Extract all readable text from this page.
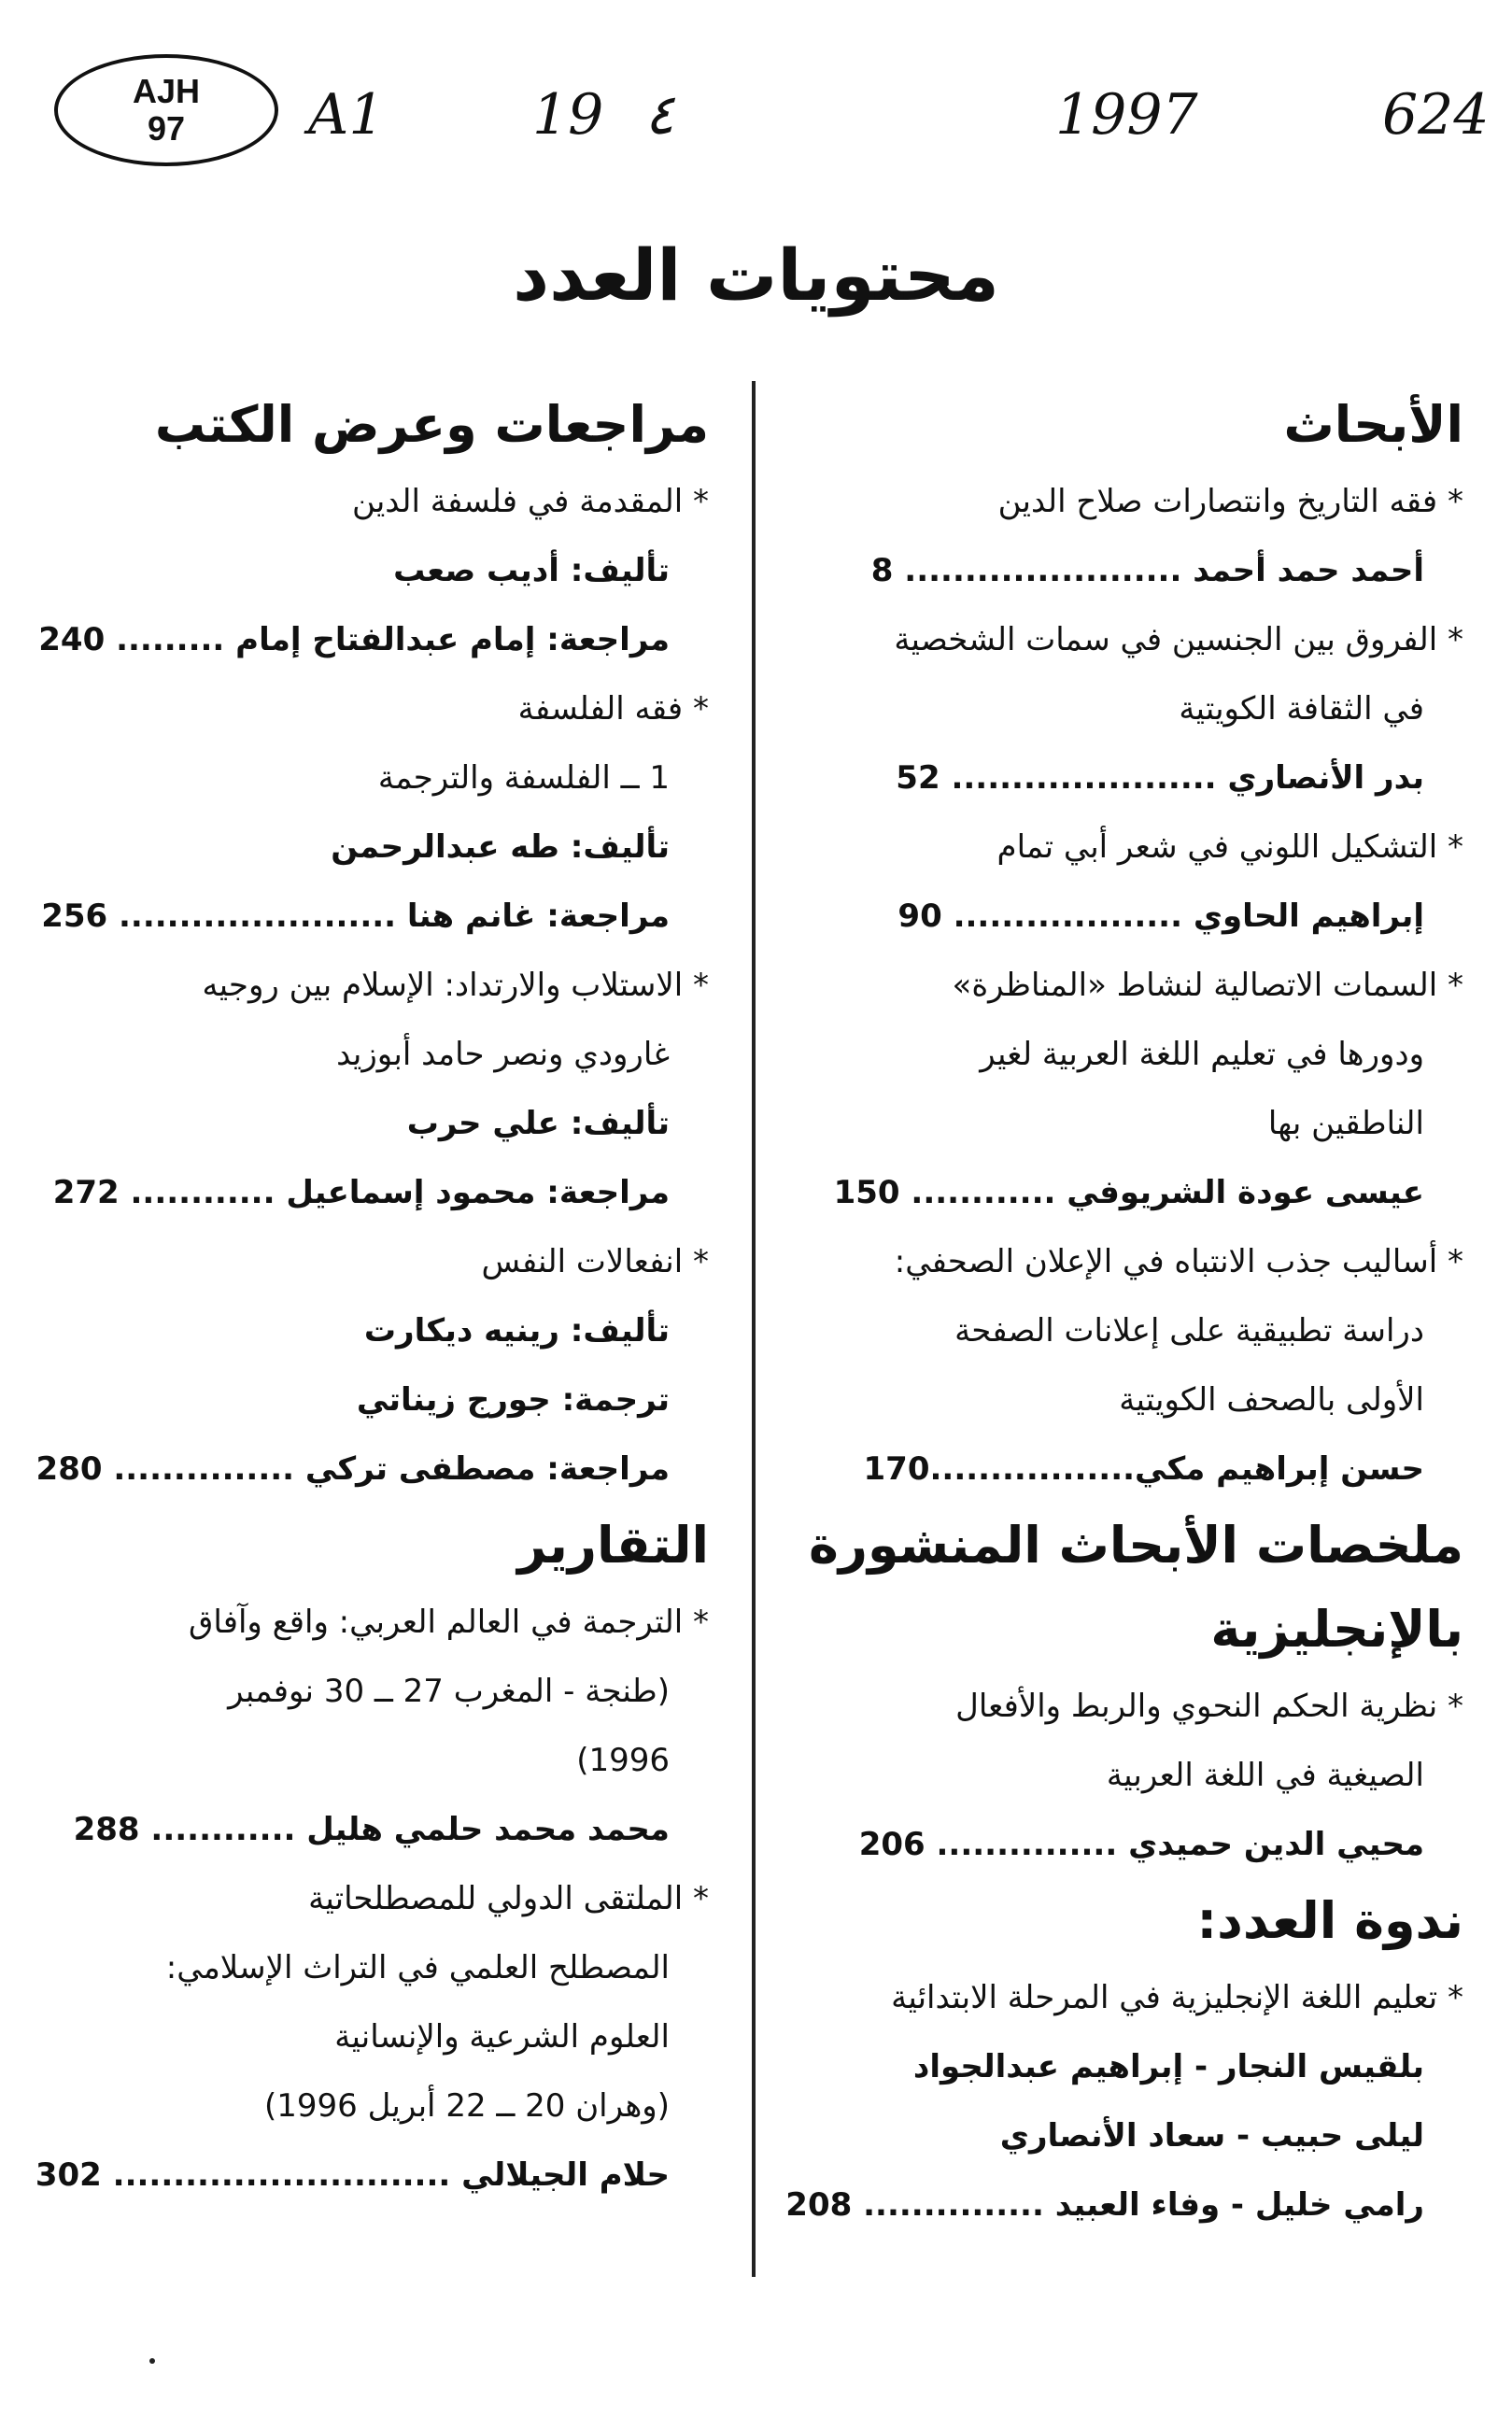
AJH
97	A1	19 ٤	1997	624
محتويات العدد
الأبحاث
* فقه التاريخ وانتصارات صلاح الدين
أحمد حمد أحمد ....................... 8
* الفروق بين الجنسين في سمات الشخصية
في الثقافة الكويتية
بدر الأنصاري ...................... 52
* التشكيل اللوني في شعر أبي تمام
إبراهيم الحاوي ................... 90
* السمات الاتصالية لنشاط «المناظرة»
ودورها في تعليم اللغة العربية لغير
الناطقين بها
عيسى عودة الشريوفي ............ 150
* أساليب جذب الانتباه في الإعلان الصحفي:
دراسة تطبيقية على إعلانات الصفحة
الأولى بالصحف الكويتية
حسن إبراهيم مكي.................170
ملخصات الأبحاث المنشورة
بالإنجليزية
* نظرية الحكم النحوي والربط والأفعال
الصيغية في اللغة العربية
محيي الدين حميدي ............... 206
ندوة العدد:
* تعليم اللغة الإنجليزية في المرحلة الابتدائية
بلقيس النجار - إبراهيم عبدالجواد
ليلى حبيب - سعاد الأنصاري
رامي خليل - وفاء العبيد ............... 208
مراجعات وعرض الكتب
* المقدمة في فلسفة الدين
تأليف: أديب صعب
مراجعة: إمام عبدالفتاح إمام ......... 240
* فقه الفلسفة
1 ــ الفلسفة والترجمة
تأليف: طه عبدالرحمن
مراجعة: غانم هنا ....................... 256
* الاستلاب والارتداد: الإسلام بين روجيه
غارودي ونصر حامد أبوزيد
تأليف: علي حرب
مراجعة: محمود إسماعيل ............ 272
* انفعالات النفس
تأليف: رينيه ديكارت
ترجمة: جورج زيناتي
مراجعة: مصطفى تركي ............... 280
التقارير
* الترجمة في العالم العربي: واقع وآفاق
(طنجة - المغرب 27 ــ 30 نوفمبر
1996)
محمد محمد حلمي هليل ............ 288
* الملتقى الدولي للمصطلحاتية
المصطلح العلمي في التراث الإسلامي:
العلوم الشرعية والإنسانية
(وهران 20 ــ 22 أبريل 1996)
حلام الجيلالي ............................ 302
